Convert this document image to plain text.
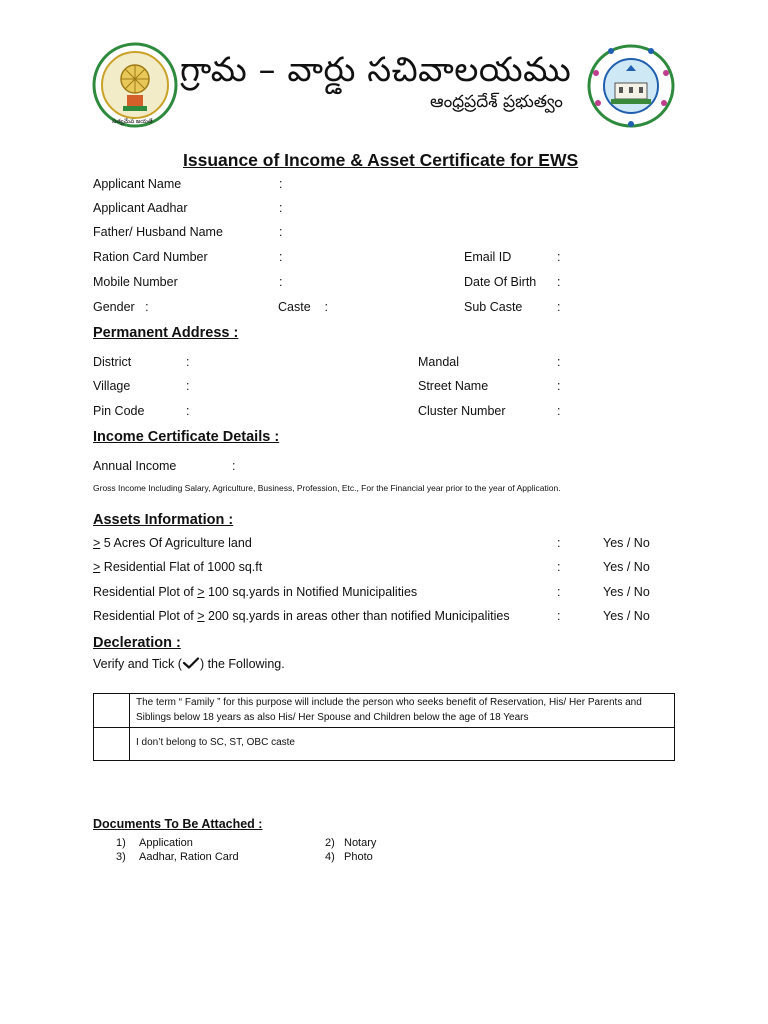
సత్యమేవ జయతే
గ్రామ – వార్డు సచివాలయము
ఆంధ్రప్రదేశ్ ప్రభుత్వం
Issuance of Income & Asset Certificate for EWS
Applicant Name	:
Applicant Aadhar	:
Father/ Husband Name	:
Ration Card Number	:	Email ID	:
Mobile Number	:	Date Of Birth :
Gender   :	Caste    :	Sub Caste	:
Permanent Address :
District	:	Mandal	:
Village	:	Street Name	:
Pin Code	:	Cluster Number	:
Income Certificate Details :
Annual Income	:
Gross Income Including Salary, Agriculture, Business, Profession, Etc., For the Financial year prior to the year of Application.
Assets Information :
≥ 5 Acres Of Agriculture land	:	Yes / No
> Residential Flat of 1000 sq.ft	:	Yes / No
Residential Plot of ≥ 100 sq.yards in Notified Municipalities	:	Yes / No
Residential Plot of ≥ 200 sq.yards in areas other than notified Municipalities	:	Yes / No
Decleration :
Verify and Tick ( ) the Following.
	The term “ Family ” for this purpose will include the person who seeks benefit of Reservation, His/ Her Parents and Siblings below 18 years as also His/ Her Spouse and Children below the age of 18 Years
	I don’t belong to SC, ST, OBC caste
Documents To Be Attached :
1) Application	2) Notary
3) Aadhar, Ration Card	4) Photo
